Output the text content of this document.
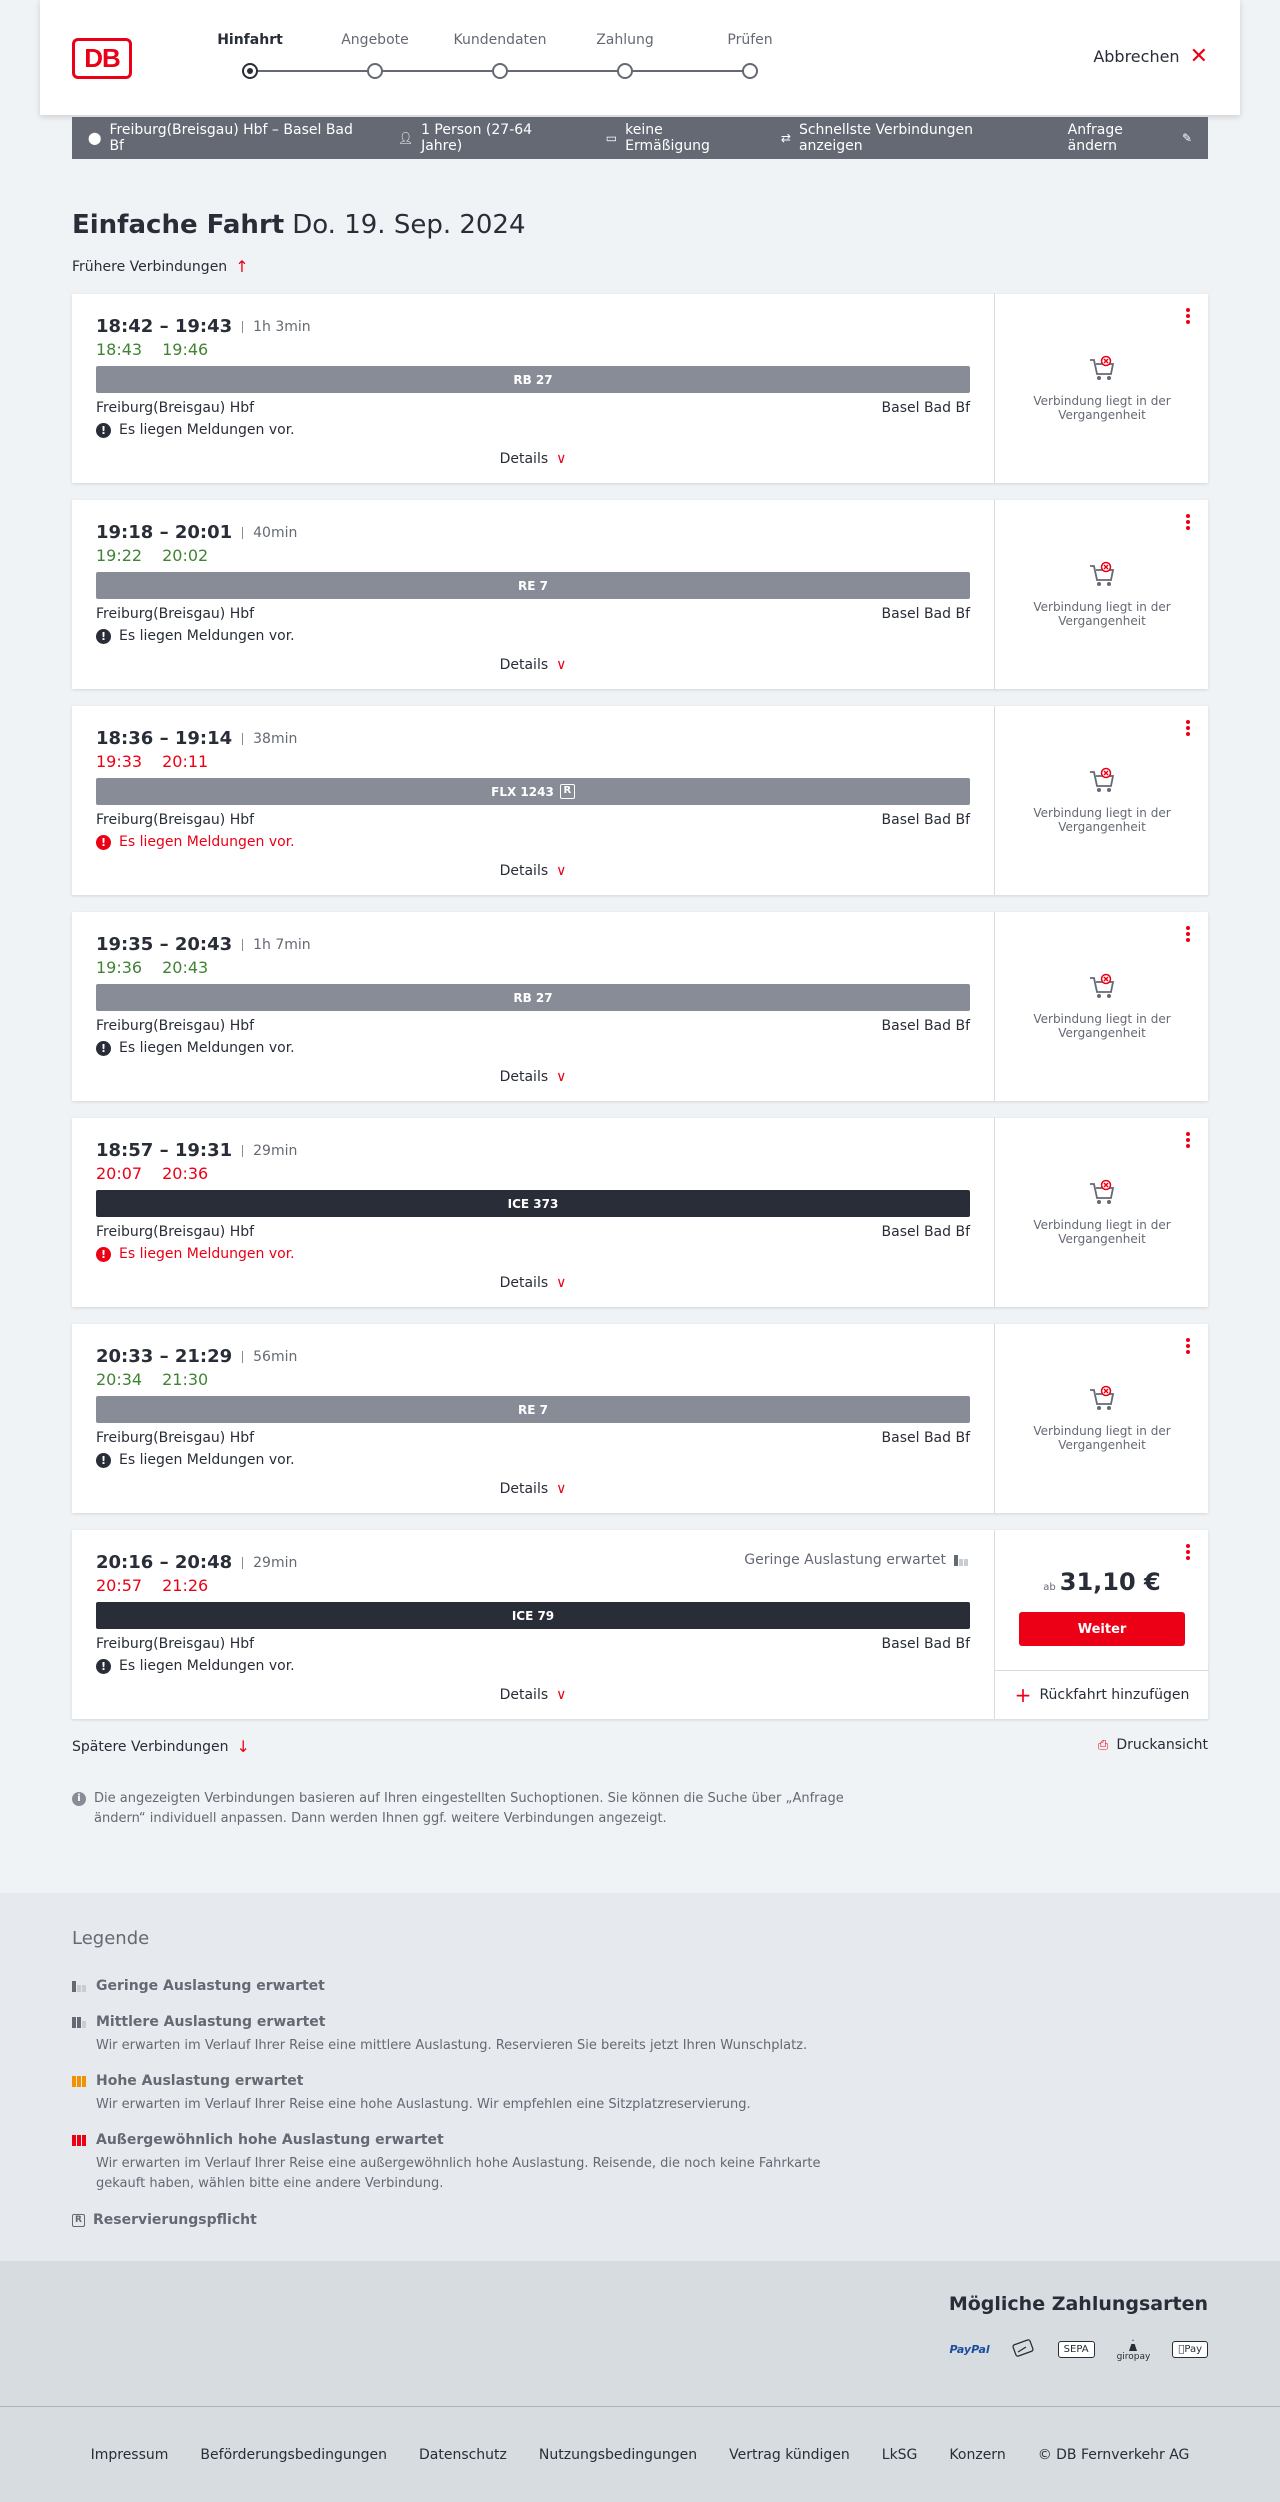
DB
Hinfahrt	Angebote	Kundendaten	Zahlung	Prüfen
Abbrechen ✕
⬤ Freiburg(Breisgau) Hbf – Basel Bad Bf	👤︎ 1 Person (27-64 Jahre)	▭ keine Ermäßigung	⇄ Schnellste Verbindungen anzeigen
Anfrage ändern	✎
Einfache Fahrt Do. 19. Sep. 2024
Frühere Verbindungen ↑
18:42 – 19:43	1h 3min
18:43 19:46
RB 27
Freiburg(Breisgau) Hbf	Basel Bad Bf
! Es liegen Meldungen vor.
Details ∨
Verbindung liegt in der Vergangenheit
19:18 – 20:01	40min
19:22 20:02
RE 7
Freiburg(Breisgau) Hbf	Basel Bad Bf
! Es liegen Meldungen vor.
Details ∨
Verbindung liegt in der Vergangenheit
18:36 – 19:14	38min
19:33 20:11
FLX 1243 R
Freiburg(Breisgau) Hbf	Basel Bad Bf
! Es liegen Meldungen vor.
Details ∨
Verbindung liegt in der Vergangenheit
19:35 – 20:43	1h 7min
19:36 20:43
RB 27
Freiburg(Breisgau) Hbf	Basel Bad Bf
! Es liegen Meldungen vor.
Details ∨
Verbindung liegt in der Vergangenheit
18:57 – 19:31	29min
20:07 20:36
ICE 373
Freiburg(Breisgau) Hbf	Basel Bad Bf
! Es liegen Meldungen vor.
Details ∨
Verbindung liegt in der Vergangenheit
20:33 – 21:29	56min
20:34 21:30
RE 7
Freiburg(Breisgau) Hbf	Basel Bad Bf
! Es liegen Meldungen vor.
Details ∨
Verbindung liegt in der Vergangenheit
20:16 – 20:48	29min	Geringe Auslastung erwartet
20:57 21:26
ICE 79
Freiburg(Breisgau) Hbf	Basel Bad Bf
! Es liegen Meldungen vor.
Details ∨
ab 31,10 €
Weiter
+ Rückfahrt hinzufügen
Spätere Verbindungen ↓	⎙ Druckansicht
i	Die angezeigten Verbindungen basieren auf Ihren eingestellten Suchoptionen. Sie können die Suche über „Anfrage ändern“ individuell anpassen. Dann werden Ihnen ggf. weitere Verbindungen angezeigt.
Legende
Geringe Auslastung erwartet
Mittlere Auslastung erwartet
Wir erwarten im Verlauf Ihrer Reise eine mittlere Auslastung. Reservieren Sie bereits jetzt Ihren Wunschplatz.
Hohe Auslastung erwartet
Wir erwarten im Verlauf Ihrer Reise eine hohe Auslastung. Wir empfehlen eine Sitzplatzreservierung.
Außergewöhnlich hohe Auslastung erwartet
Wir erwarten im Verlauf Ihrer Reise eine außergewöhnlich hohe Auslastung. Reisende, die noch keine Fahrkarte gekauft haben, wählen bitte eine andere Verbindung.
R Reservierungspflicht
Mögliche Zahlungsarten
PayPal	SEPA
giropay
Pay
Impressum Beförderungsbedingungen Datenschutz Nutzungsbedingungen Vertrag kündigen LkSG Konzern © DB Fernverkehr AG
